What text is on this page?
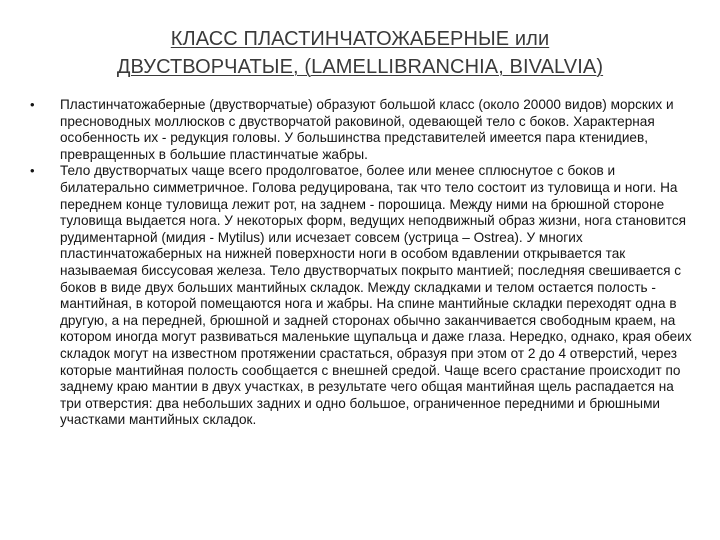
КЛАСС ПЛАСТИНЧАТОЖАБЕРНЫЕ или
ДВУСТВОРЧАТЫЕ, (LAMELLIBRANCHIA, BIVALVIA)
• Пластинчатожаберные (двустворчатые) образуют большой класс (около 20000 видов) морских и пресноводных моллюсков с двустворчатой раковиной, одевающей тело с боков. Характерная особенность их - редукция головы. У большинства представителей имеется пара ктенидиев, превращенных в большие пластинчатые жабры.
• Тело двустворчатых чаще всего продолговатое, более или менее сплюснутое с боков и билатерально симметричное. Голова редуцирована, так что тело состоит из туловища и ноги. На переднем конце туловища лежит рот, на заднем - порошица. Между ними на брюшной стороне туловища выдается нога. У некоторых форм, ведущих неподвижный образ жизни, нога становится рудиментарной (мидия - Mytilus) или исчезает совсем (устрица – Ostrea). У многих пластинчатожаберных на нижней поверхности ноги в особом вдавлении открывается так называемая биссусовая железа. Тело двустворчатых покрыто мантией; последняя свешивается с боков в виде двух больших мантийных складок. Между складками и телом остается полость - мантийная, в которой помещаются нога и жабры. На спине мантийные складки переходят одна в другую, а на передней, брюшной и задней сторонах обычно заканчивается свободным краем, на котором иногда могут развиваться маленькие щупальца и даже глаза. Нередко, однако, края обеих складок могут на известном протяжении срастаться, образуя при этом от 2 до 4 отверстий, через которые мантийная полость сообщается с внешней средой. Чаще всего срастание происходит по заднему краю мантии в двух участках, в результате чего общая мантийная щель распадается на три отверстия: два небольших задних и одно большое, ограниченное передними и брюшными участками мантийных складок.
